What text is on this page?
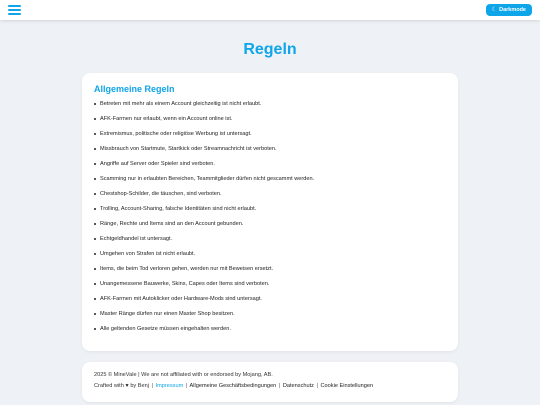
☾ Darkmode
Regeln
Allgemeine Regeln
Betreten mit mehr als einem Account gleichzeitig ist nicht erlaubt.
AFK-Farmen nur erlaubt, wenn ein Account online ist.
Extremismus, politische oder religiöse Werbung ist untersagt.
Missbrauch von Startmute, Startkick oder Streamnachricht ist verboten.
Angriffe auf Server oder Spieler sind verboten.
Scamming nur in erlaubten Bereichen, Teammitglieder dürfen nicht gescammt werden.
Chestshop-Schilder, die täuschen, sind verboten.
Trolling, Account-Sharing, falsche Identitäten sind nicht erlaubt.
Ränge, Rechte und Items sind an den Account gebunden.
Echtgeldhandel ist untersagt.
Umgehen von Strafen ist nicht erlaubt.
Items, die beim Tod verloren gehen, werden nur mit Beweisen ersetzt.
Unangemessene Bauwerke, Skins, Capes oder Items sind verboten.
AFK-Farmen mit Autoklicker oder Hardware-Mods sind untersagt.
Master Ränge dürfen nur einen Master Shop besitzen.
Alle geltenden Gesetze müssen eingehalten werden.
2025 © MineVale | We are not affiliated with or endorsed by Mojang, AB.
Crafted with ♥ by Benj | Impressum | Allgemeine Geschäftsbedingungen | Datenschutz | Cookie Einstellungen
